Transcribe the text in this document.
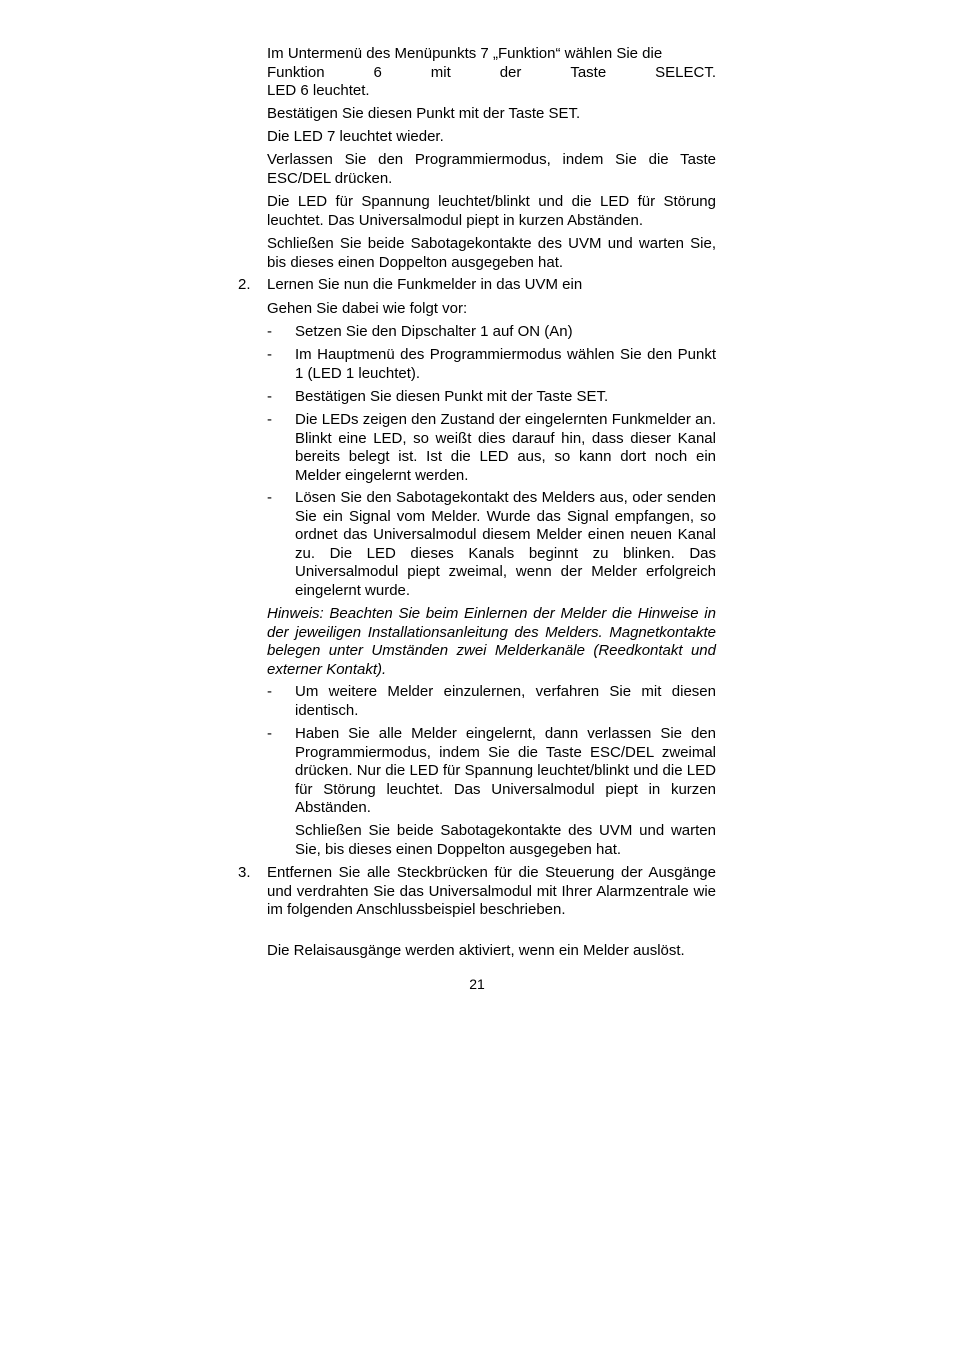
Im Untermenü des Menüpunkts 7 „Funktion“ wählen Sie die
Funktion	6	mit	der	Taste	SELECT.
LED 6 leuchtet.

Bestätigen Sie diesen Punkt mit der Taste SET.

Die LED 7 leuchtet wieder.

Verlassen Sie den Programmiermodus, indem Sie die Taste ESC/DEL drücken.

Die LED für Spannung leuchtet/blinkt und die LED für Störung leuchtet. Das Universalmodul piept in kurzen Abständen.

Schließen Sie beide Sabotagekontakte des UVM und warten Sie, bis dieses einen Doppelton ausgegeben hat.

2. Lernen Sie nun die Funkmelder in das UVM ein

Gehen Sie dabei wie folgt vor:

- Setzen Sie den Dipschalter 1 auf ON (An)

- Im Hauptmenü des Programmiermodus wählen Sie den Punkt 1 (LED 1 leuchtet).

- Bestätigen Sie diesen Punkt mit der Taste SET.

- Die LEDs zeigen den Zustand der eingelernten Funkmelder an. Blinkt eine LED, so weißt dies darauf hin, dass dieser Kanal bereits belegt ist. Ist die LED aus, so kann dort noch ein Melder eingelernt werden.

- Lösen Sie den Sabotagekontakt des Melders aus, oder senden Sie ein Signal vom Melder. Wurde das Signal empfangen, so ordnet das Universalmodul diesem Melder einen neuen Kanal zu. Die LED dieses Kanals beginnt zu blinken. Das Universalmodul piept zweimal, wenn der Melder erfolgreich eingelernt wurde.

Hinweis: Beachten Sie beim Einlernen der Melder die Hinweise in der jeweiligen Installationsanleitung des Melders. Magnetkontakte belegen unter Umständen zwei Melderkanäle (Reedkontakt und externer Kontakt).

- Um weitere Melder einzulernen, verfahren Sie mit diesen identisch.

- Haben Sie alle Melder eingelernt, dann verlassen Sie den Programmiermodus, indem Sie die Taste ESC/DEL zweimal drücken. Nur die LED für Spannung leuchtet/blinkt und die LED für Störung leuchtet. Das Universalmodul piept in kurzen Abständen.

Schließen Sie beide Sabotagekontakte des UVM und warten Sie, bis dieses einen Doppelton ausgegeben hat.

3. Entfernen Sie alle Steckbrücken für die Steuerung der Ausgänge und verdrahten Sie das Universalmodul mit Ihrer Alarmzentrale wie im folgenden Anschlussbeispiel beschrieben.

Die Relaisausgänge werden aktiviert, wenn ein Melder auslöst.

21
